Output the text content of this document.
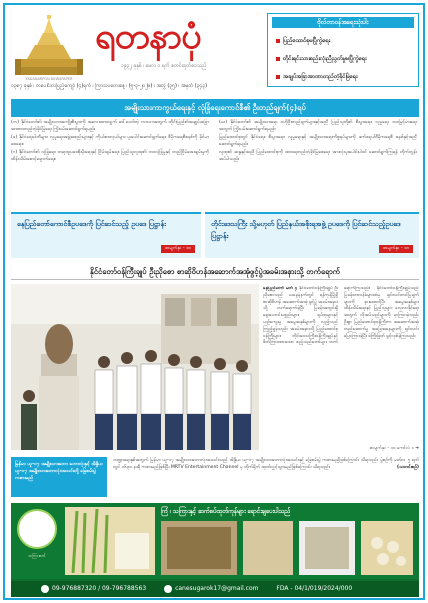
YADANARPON NEWSPAPER
ရတနာပုံ
၁၉၃၂ ခုနှစ် ၊ မေလ ၁ ရက် စတင်ထုတ်ဝေသည်
၁၃၈၇ ခုနှစ် ၊ တပေါင်းလပြည့်ကျော် (၄)ရက် ၊ ကြာသပတေးနေ့ ၊ (၅-၃-၂၀၂၆) ၊ အတွဲ (၃၅) ၊ အမှတ် (၃၄၃)
ဗိုလ်တာဝန်အရေးသုံးပါး
ပြည်ထောင်စုမပြိုကွဲရေး
တိုင်းရင်းသားစည်းလုံးညီညွတ်မှုမပြိုကွဲရေး
အချုပ်အခြာအာဏာတည်တံ့ခိုင်မြဲရေး
အမျိုးသားကာကွယ်ရေးနှင့် လုံခြုံရေးကောင်စီ၏ ဦးတည်ချက်(၄)ရပ်

(က) နိုင်ငံတော်၏ အမျိုးသားအကျိုးစီးပွားကို အလေးထားလျှက် ဒေါ်သော်တဲ့ ကာလာအတွက် တိုင်းပြည်၏အချုပ်အခြာ အာဏာတည်တံ့ခိုင်မြဲရေး ကြိုးပမ်းဆောင်ရွက်ရမည်။

(ခ) နိုင်ငံရေးပါတီများ၊ လူမှုရေးအဖွဲ့အစည်းများနှင့် ကိုယ်စားလှယ်များ ပူးပေါင်းဆောင်ရွက်ရေး၊ ဒီမိုကရေစီစနစ်ကို ခိုင်မာစေရေး။

(ဂ) နိုင်ငံတော်၏ လုံခြုံရေး၊ တရားဥပဒေစိုးမိုးရေးနှင့် ငြိမ်းချမ်းရေး၊ ပြည်သူလူထု၏ ဘဝလုံခြုံမှုနှင့် တည်ငြိမ်အေးချမ်းမှုကို ထိန်းသိမ်းစောင့်ရှောက်ရေး။

(ဃ) နိုင်ငံတော်၏ အမျိုးသားရေး ဗဟိုဦးတည်ချက်များနှင့်အညီ ပြည်သူတို့၏ စီးပွားရေး၊ လူမှုရေး ဘဝမြင့်မားရေးအတွက် ကြိုးပမ်းဆောင်ရွက်ရမည်။

ပြည်ထောင်စုတွင် နိုင်ငံရေး၊ စီးပွားရေး၊ လူမှုရေးနှင့် အမျိုးသားရေးကိစ္စရပ်များကို ဖက်ဒရယ်ဒီမိုကရေစီ စနစ်နှင့်အညီ ဆောင်ရွက်ရမည်။

လူထု၏ ဆန္ဒနှင့်အညီ ပြည်ထောင်စုကို ထာဝရတည်တံ့ခိုင်မြဲစေရေး အားလုံးပူးပေါင်းပါဝင် ဆောင်ရွက်ကြရန် တိုက်တွန်းအပ်ပါသည်။

နေပြည်တော်ကောင်စီဥပဒေကို ပြင်ဆင်သည့် ဥပဒေ ပြဋ္ဌာန်း
စာမျက်နှာ - ၁၈
တိုင်းဒေသကြီး သို့မဟုတ် ပြည်နယ်အစိုးရအဖွဲ့ ဥပဒေကို ပြင်ဆင်သည့်ဥပဒေ ပြဋ္ဌာန်း
စာမျက်နှာ - ၁၈
နိုင်ငံတော်ဝန်ကြီးချုပ် ဦးညိုစော စာဆိုဝိဟန်အဆောက်အအုံဖွင့်ပွဲအခမ်းအနားသို့ တက်ရောက်
နေပြည်တော် မတ် ၄ နိုင်ငံတော်ဝန်ကြီးချုပ် ဦးညိုစောသည် ယနေ့နံနက်တွင် ရန်ကုန်မြို့ရှိ စာဆိုဝိဟန် အဆောက်အအုံ ဖွင့်ပွဲ အခမ်းအနားသို့ တက်ရောက်ခဲ့ပြီး ပြခန်းအတွင်းရှိ ရှေးဟောင်းပစ္စည်းများ၊ ရုပ်ထုများနှင့် ယဉ်ကျေးမှု အမွေအနှစ်များကို လှည့်လည် ကြည့်ရှုခဲ့သည်။ အခမ်းအနားသို့ ပြည်ထောင်စုဝန်ကြီးများ၊ တိုင်းဒေသကြီးဝန်ကြီးချုပ်နှင့် ဖိတ်ကြားထားသော ဧည့်သည်တော်များ တက်ရောက်ကြသည်။ နိုင်ငံတော်ဝန်ကြီးချုပ်သည် ပြခန်းတာဝန်ခံများထံမှ ရှင်းလင်းတင်ပြချက်များကို နားထောင်ပြီး အမွေအနှစ်များ ထိန်းသိမ်းရေးနှင့် ပြည်သူများ လေ့လာနိုင်ရေး အတွက် လိုအပ်သည်များကို မှာကြားခဲ့သည်။ ဦးစွာ ပြည်ထောင်စုဝန်ကြီးက အဆောက်အအုံ တည်ဆောက်မှု အခြေအနေများကို ရှင်းလင်းပြောကြားခဲ့ပြီး ဖဲကြိုးဖြတ် ဖွင့်လှစ်ခဲ့ကြသည်။
စာမျက်နှာ - ၁၀ ကော်လံ ၁ ➜
မြန်မာ ယူ-၁၇ အမျိုးသားတော ဘောလုံးနှင့် အိန္ဒိယ ယူ-၁၇ အမျိုးသားဘောလုံးအသင်းတို့ ခြေစမ်းပွဲ ကစားမည်
ဘဏ္ဍာရေးနှစ်အတွက် မြန်မာ ယူ-၁၇ အမျိုးသားဘောလုံးအသင်းသည် အိန္ဒိယ ယူ-၁၇ အမျိုးသားဘောလုံးအသင်းနှင့် ခြေစမ်းပွဲ ကစားမည်ဖြစ်ကြောင်း သိရသည်။ ပွဲစဉ်ကို မတ်လ ၅ ရက်တွင် ၁၆၃၀ နာရီ ကစားမည်ဖြစ်ပြီး MRTV Entertainment Channel မှ တိုက်ရိုက် ထုတ်လွှင့်သွားမည်ဖြစ်ကြောင်း သိရသည်။	(သတင်းစဉ်)
သကြားစက်
ကြံ ၊ သကြားနှင့် ဆက်စပ်ထုတ်ကုန်များ ရောင်းချပေးပါသည်
09-976887320 / 09-796788563	canesugarok17@gmail.com	FDA - 04/1/019/2024/000
